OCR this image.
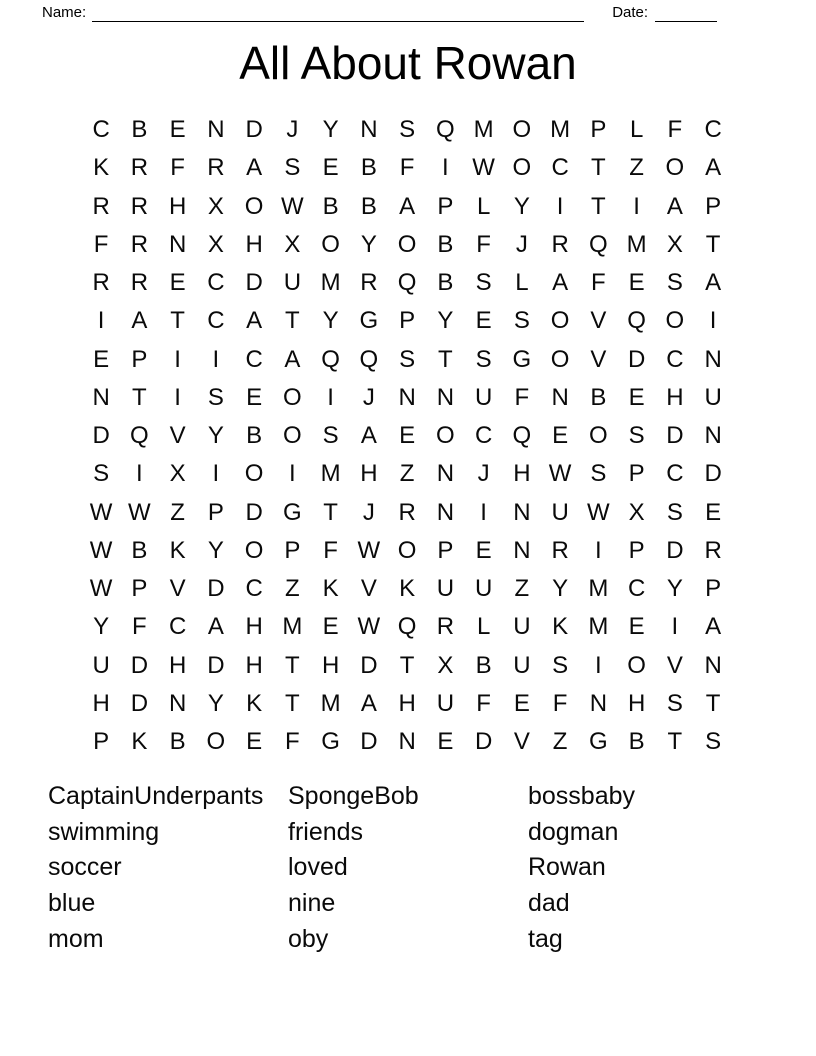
Name:	Date:
All About Rowan
C B E N D J	Y N S Q M O M P L	F C
K R F R A S E B F	I W O C T Z O A
R R H X O W B B A P L Y	I	T	I	A P
F R N X H X O Y O B F	J R Q M X T
R R E C D U M R Q B S L A F E S A
I	A T C A T Y G P Y E S O V Q O	I
E P	I	I	C A Q Q S T S G O V D C N
N T	I	S E O	I	J N N U F N B E H U
D Q V Y B O S A E O C Q E O S D N
S	I	X	I	O	I	M H Z N J H W S P C D
W W Z P D G T	J R N	I	N U W X S E
W B K Y O P F W O P E N R	I	P D R
W P V D C Z K V K U U Z Y M C Y P
Y F C A H M E W Q R L U K M E	I	A
U D H D H T H D T X B U S	I	O V N
H D N Y K T M A H U F E F N H S T
P K B O E F G D N E D V Z G B T S
CaptainUnderpants
swimming
soccer
blue
mom
SpongeBob
friends
loved
nine
oby
bossbaby
dogman
Rowan
dad
tag
